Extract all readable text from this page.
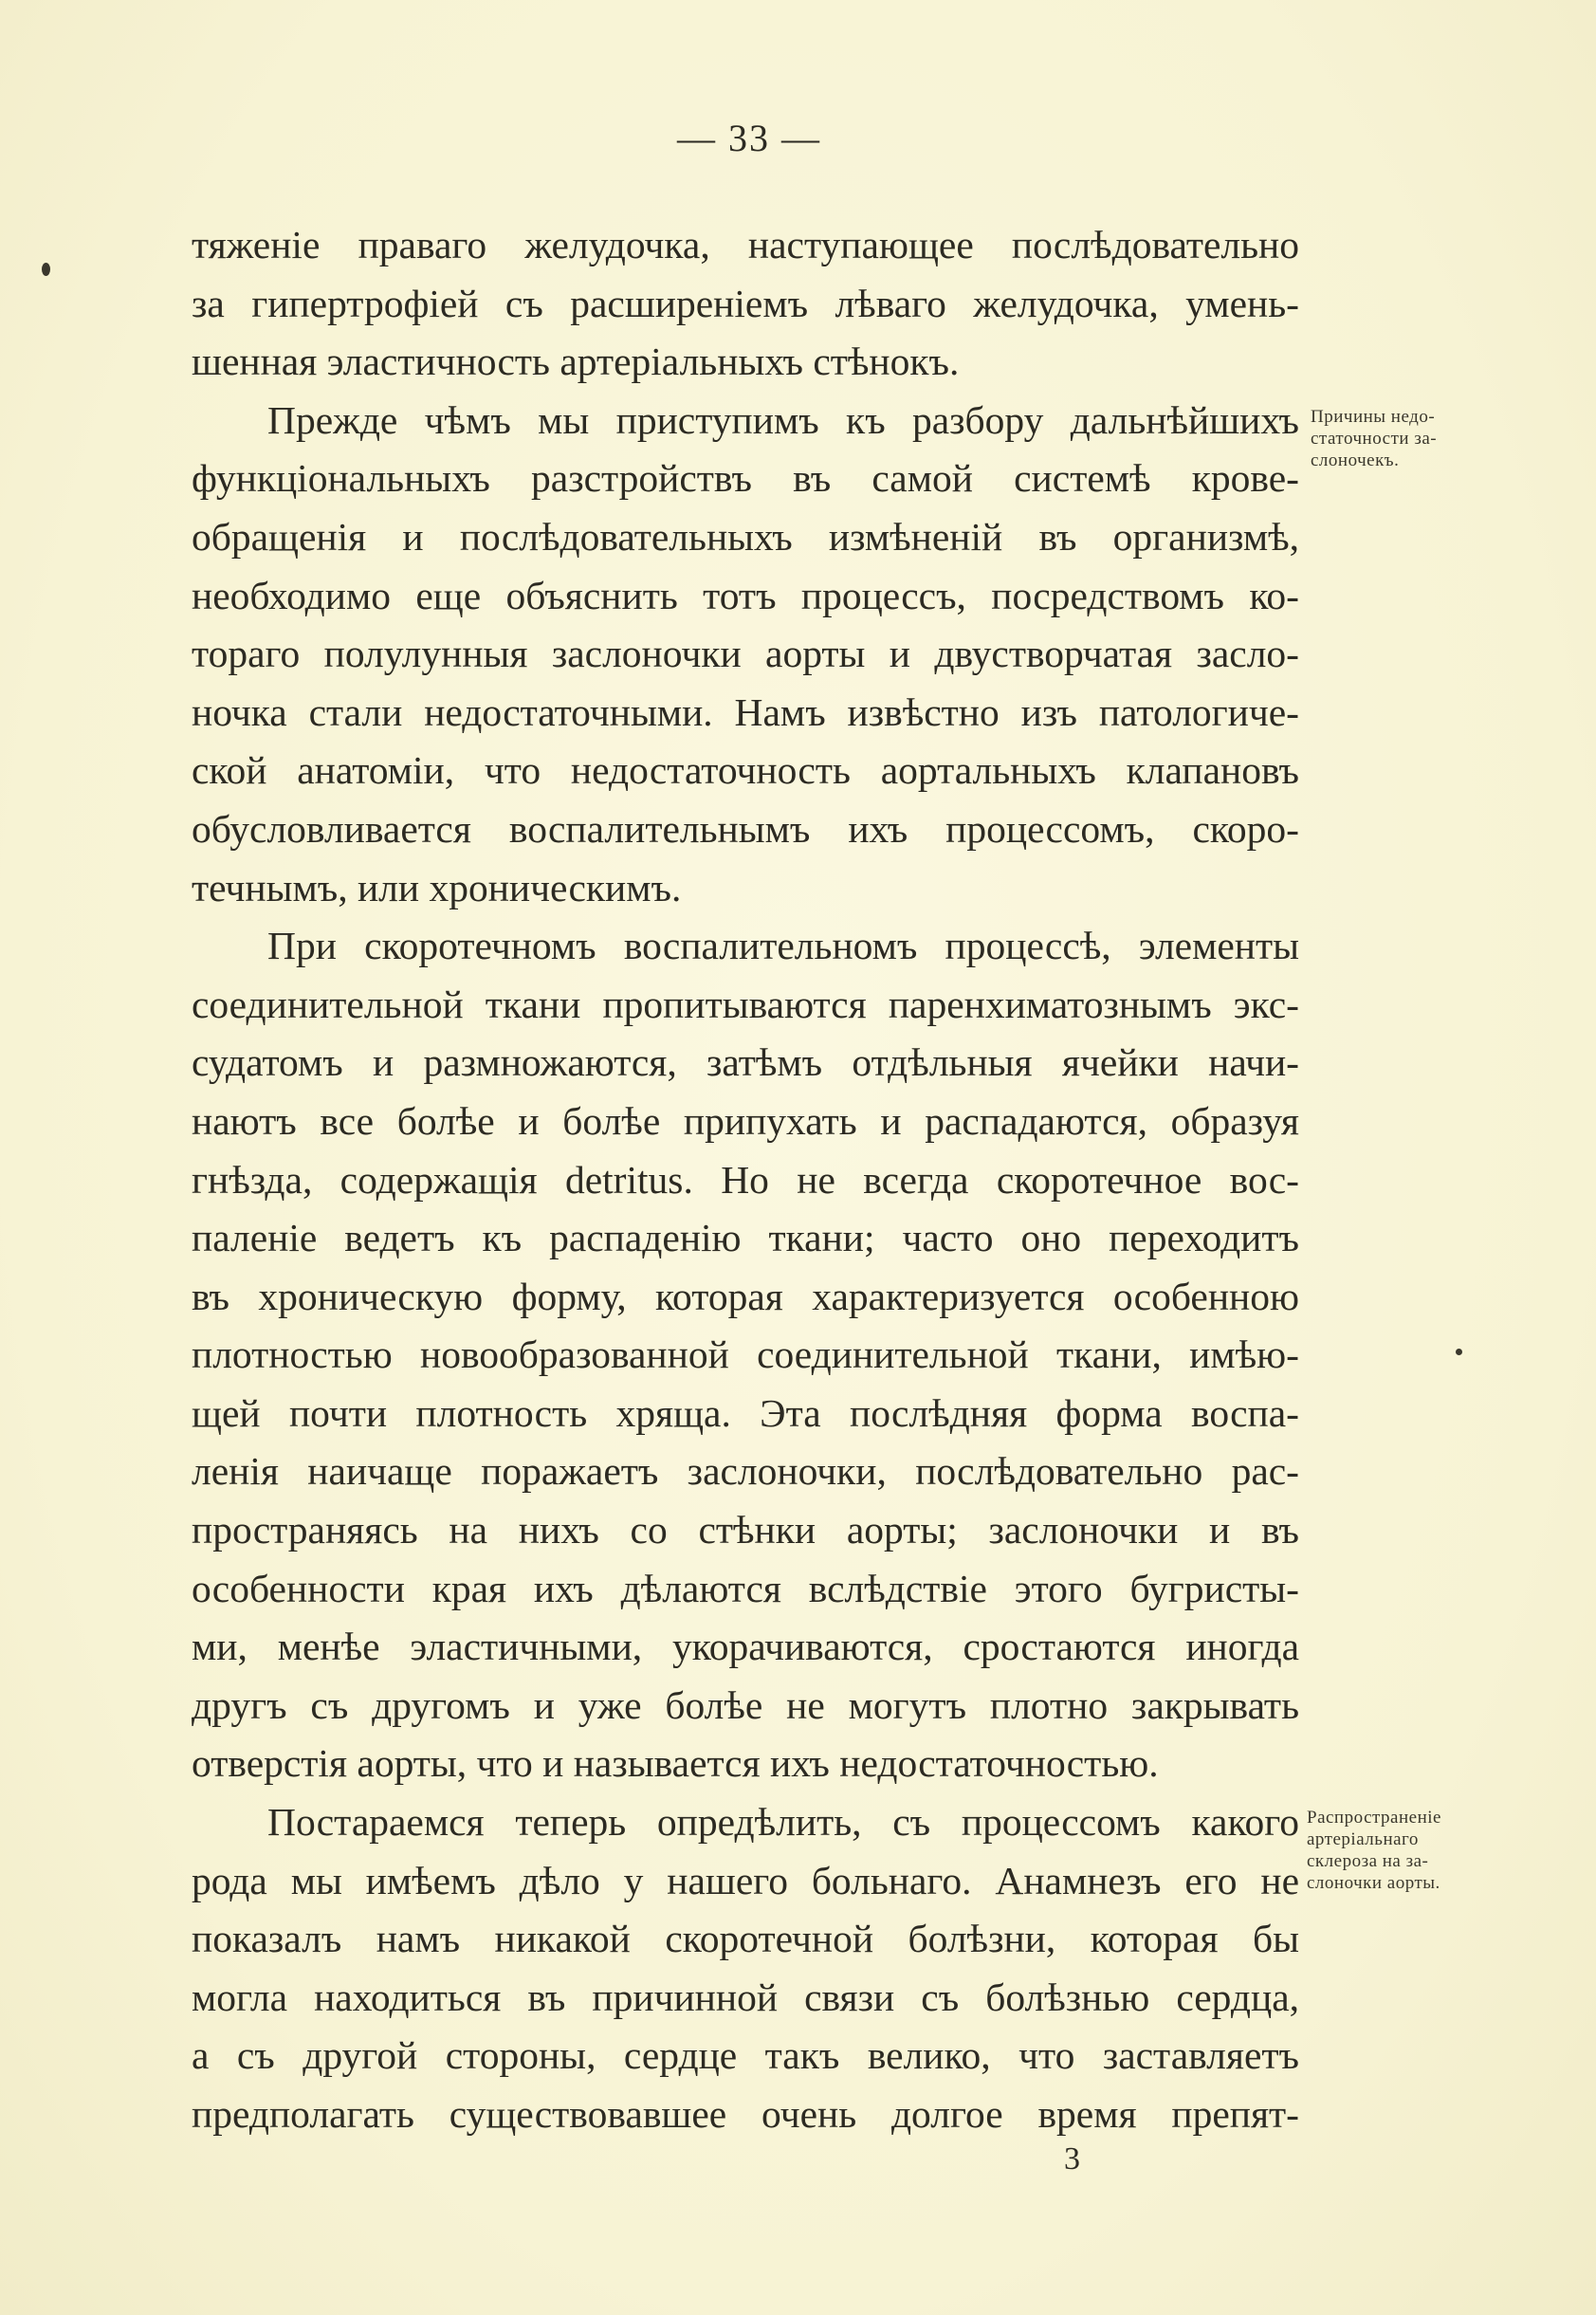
— 33 —
тяженіе праваго желудочка, наступающее послѣдовательно
за гипертрофіей съ расширеніемъ лѣваго желудочка, умень-
шенная эластичность артеріальныхъ стѣнокъ.
Прежде чѣмъ мы приступимъ къ разбору дальнѣйшихъ
функціональныхъ разстройствъ въ самой системѣ крове-
обращенія и послѣдовательныхъ измѣненій въ организмѣ,
необходимо еще объяснить тотъ процессъ, посредствомъ ко-
тораго полулунныя заслоночки аорты и двустворчатая засло-
ночка стали недостаточными. Намъ извѣстно изъ патологиче-
ской анатоміи, что недостаточность аортальныхъ клапановъ
обусловливается воспалительнымъ ихъ процессомъ, скоро-
течнымъ, или хроническимъ.
При скоротечномъ воспалительномъ процессѣ, элементы
соединительной ткани пропитываются паренхиматознымъ экс-
судатомъ и размножаются, затѣмъ отдѣльныя ячейки начи-
наютъ все болѣе и болѣе припухать и распадаются, образуя
гнѣзда, содержащія detritus. Но не всегда скоротечное вос-
паленіе ведетъ къ распаденію ткани; часто оно переходитъ
въ хроническую форму, которая характеризуется особенною
плотностью новообразованной соединительной ткани, имѣю-
щей почти плотность хряща. Эта послѣдняя форма воспа-
ленія наичаще поражаетъ заслоночки, послѣдовательно рас-
пространяясь на нихъ со стѣнки аорты; заслоночки и въ
особенности края ихъ дѣлаются вслѣдствіе этого бугристы-
ми, менѣе эластичными, укорачиваются, сростаются иногда
другъ съ другомъ и уже болѣе не могутъ плотно закрывать
отверстія аорты, что и называется ихъ недостаточностью.
Постараемся теперь опредѣлить, съ процессомъ какого
рода мы имѣемъ дѣло у нашего больнаго. Анамнезъ его не
показалъ намъ никакой скоротечной болѣзни, которая бы
могла находиться въ причинной связи съ болѣзнью сердца,
а съ другой стороны, сердце такъ велико, что заставляетъ
предполагать существовавшее очень долгое время препят-
Причины недо-
статочности за-
слоночекъ.
Распространеніе
артеріальнаго
склероза на за-
слоночки аорты.
3
